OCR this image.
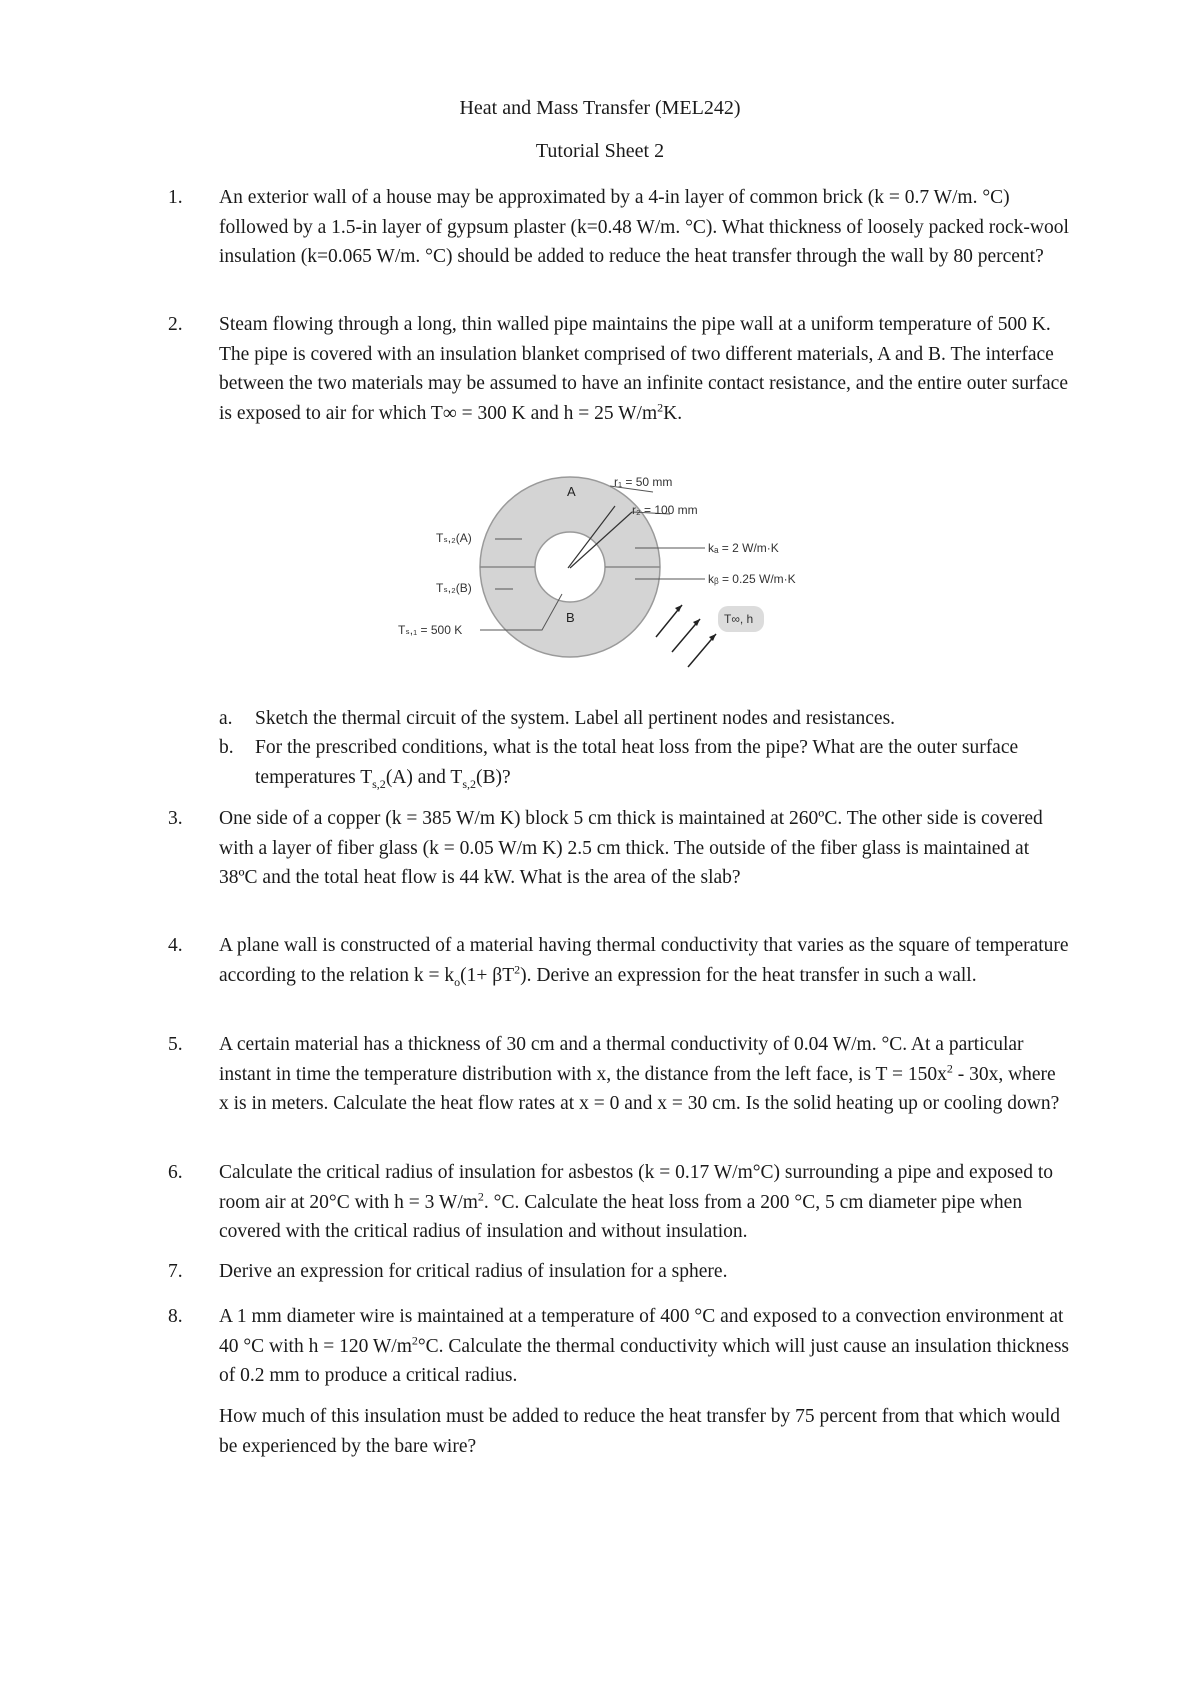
Heat and Mass Transfer (MEL242)
Tutorial Sheet 2
1. An exterior wall of a house may be approximated by a 4-in layer of common brick (k = 0.7 W/m. °C) followed by a 1.5-in layer of gypsum plaster (k=0.48 W/m. °C). What thickness of loosely packed rock-wool insulation (k=0.065 W/m. °C) should be added to reduce the heat transfer through the wall by 80 percent?
2. Steam flowing through a long, thin walled pipe maintains the pipe wall at a uniform temperature of 500 K. The pipe is covered with an insulation blanket comprised of two different materials, A and B. The interface between the two materials may be assumed to have an infinite contact resistance, and the entire outer surface is exposed to air for which T∞ = 300 K and h = 25 $W/m^2K$.
A
B
r₁ = 50 mm
r₂ = 100 mm
kₐ = 2 W/m·K
kᵦ = 0.25 W/m·K
Tₛ,₂(A)
Tₛ,₂(B)
Tₛ,₁ = 500 K
T∞, h
a. Sketch the thermal circuit of the system. Label all pertinent nodes and resistances.
b. For the prescribed conditions, what is the total heat loss from the pipe? What are the outer surface temperatures $T_{s,2}(A)$ and $T_{s,2}(B)$?
3. One side of a copper (k = 385 W/m K) block 5 cm thick is maintained at 260ºC. The other side is covered with a layer of fiber glass (k = 0.05 W/m K) 2.5 cm thick. The outside of the fiber glass is maintained at 38ºC and the total heat flow is 44 kW. What is the area of the slab?
4. A plane wall is constructed of a material having thermal conductivity that varies as the square of temperature according to the relation $k = k_o(1+ \beta T^2)$. Derive an expression for the heat transfer in such a wall.
5. A certain material has a thickness of 30 cm and a thermal conductivity of 0.04 W/m. °C. At a particular instant in time the temperature distribution with x, the distance from the left face, is $T = 150x^2 - 30x$, where x is in meters. Calculate the heat flow rates at x = 0 and x = 30 cm. Is the solid heating up or cooling down?
6. Calculate the critical radius of insulation for asbestos (k = 0.17 W/m°C) surrounding a pipe and exposed to room air at 20°C with h = 3 $W/m^2$. °C. Calculate the heat loss from a 200 °C, 5 cm diameter pipe when covered with the critical radius of insulation and without insulation.
7. Derive an expression for critical radius of insulation for a sphere.
8. A 1 mm diameter wire is maintained at a temperature of 400 °C and exposed to a convection environment at 40 °C with h = 120 $W/m^2^\circ C$. Calculate the thermal conductivity which will just cause an insulation thickness of 0.2 mm to produce a critical radius.
How much of this insulation must be added to reduce the heat transfer by 75 percent from that which would be experienced by the bare wire?
